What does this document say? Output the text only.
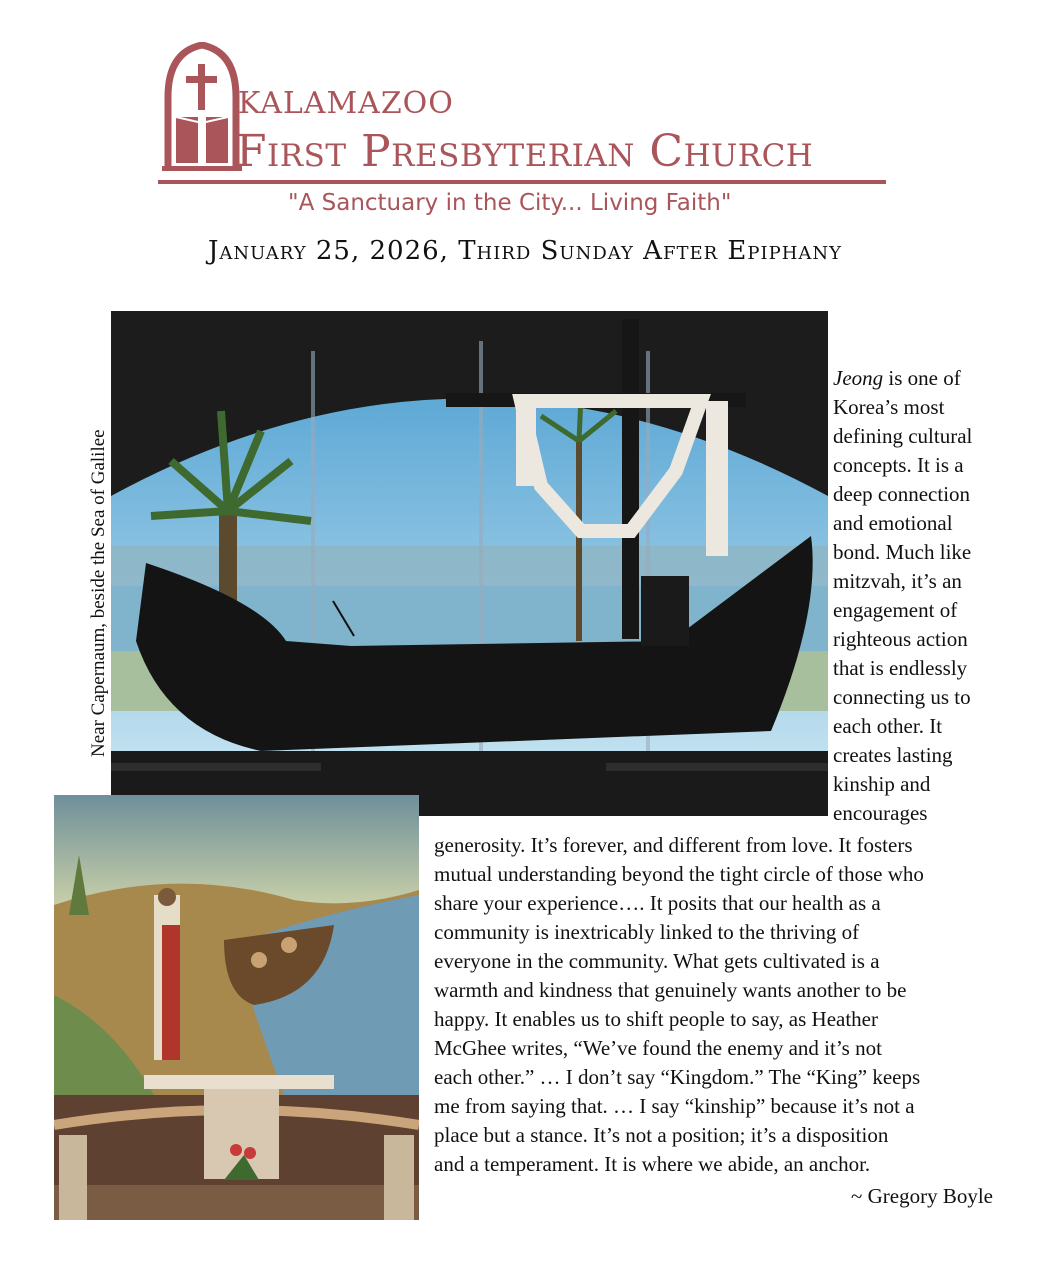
KALAMAZOO
First Presbyterian Church
"A Sanctuary in the City... Living Faith"
January 25, 2026, Third Sunday After Epiphany
Near Capernaum, beside the Sea of Galilee
Jeong is one of
Korea’s most
defining cultural
concepts. It is a
deep connection
and emotional
bond. Much like
mitzvah, it’s an
engagement of
righteous action
that is endlessly
connecting us to
each other. It
creates lasting
kinship and
encourages
generosity. It’s forever, and different from love. It fosters
mutual understanding beyond the tight circle of those who
share your experience…. It posits that our health as a
community is inextricably linked to the thriving of
everyone in the community. What gets cultivated is a
warmth and kindness that genuinely wants another to be
happy. It enables us to shift people to say, as Heather
McGhee writes, “We’ve found the enemy and it’s not
each other.” … I don’t say “Kingdom.” The “King” keeps
me from saying that. … I say “kinship” because it’s not a
place but a stance. It’s not a position; it’s a disposition
and a temperament. It is where we abide, an anchor.
~ Gregory Boyle
